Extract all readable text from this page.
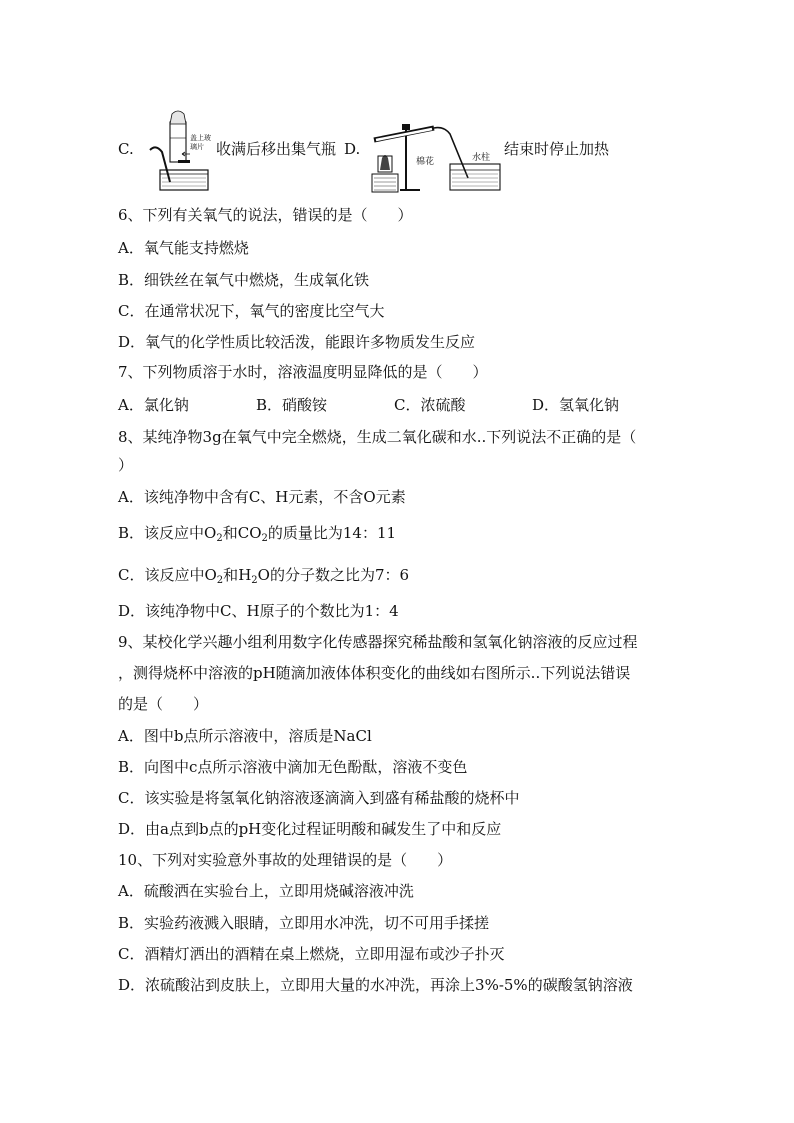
C.
盖上玻璃片 收满后移出集气瓶 D.
棉花	水柱 结束时停止加热
6、下列有关氧气的说法，错误的是（　　）
A．氧气能支持燃烧
B．细铁丝在氧气中燃烧，生成氧化铁
C．在通常状况下，氧气的密度比空气大
D．氧气的化学性质比较活泼，能跟许多物质发生反应
7、下列物质溶于水时，溶液温度明显降低的是（　　）
A．氯化钠	B．硝酸铵	C．浓硫酸	D．氢氧化钠
8、某纯净物3g在氧气中完全燃烧，生成二氧化碳和水..下列说法不正确的是（
）
A．该纯净物中含有C、H元素，不含O元素
B．该反应中$O_2$和$CO_2$的质量比为14：11
C．该反应中$O_2$和$H_2O$的分子数之比为7：6
D．该纯净物中C、H原子的个数比为1：4
9、某校化学兴趣小组利用数字化传感器探究稀盐酸和氢氧化钠溶液的反应过程
，测得烧杯中溶液的pH随滴加液体体积变化的曲线如右图所示..下列说法错误
的是（　　）
A．图中b点所示溶液中，溶质是NaCl
B．向图中c点所示溶液中滴加无色酚酞，溶液不变色
C．该实验是将氢氧化钠溶液逐滴滴入到盛有稀盐酸的烧杯中
D．由a点到b点的pH变化过程证明酸和碱发生了中和反应
10、下列对实验意外事故的处理错误的是（　　）
A．硫酸洒在实验台上，立即用烧碱溶液冲洗
B．实验药液溅入眼睛，立即用水冲洗，切不可用手揉搓
C．酒精灯洒出的酒精在桌上燃烧，立即用湿布或沙子扑灭
D．浓硫酸沾到皮肤上，立即用大量的水冲洗，再涂上3%-5%的碳酸氢钠溶液
